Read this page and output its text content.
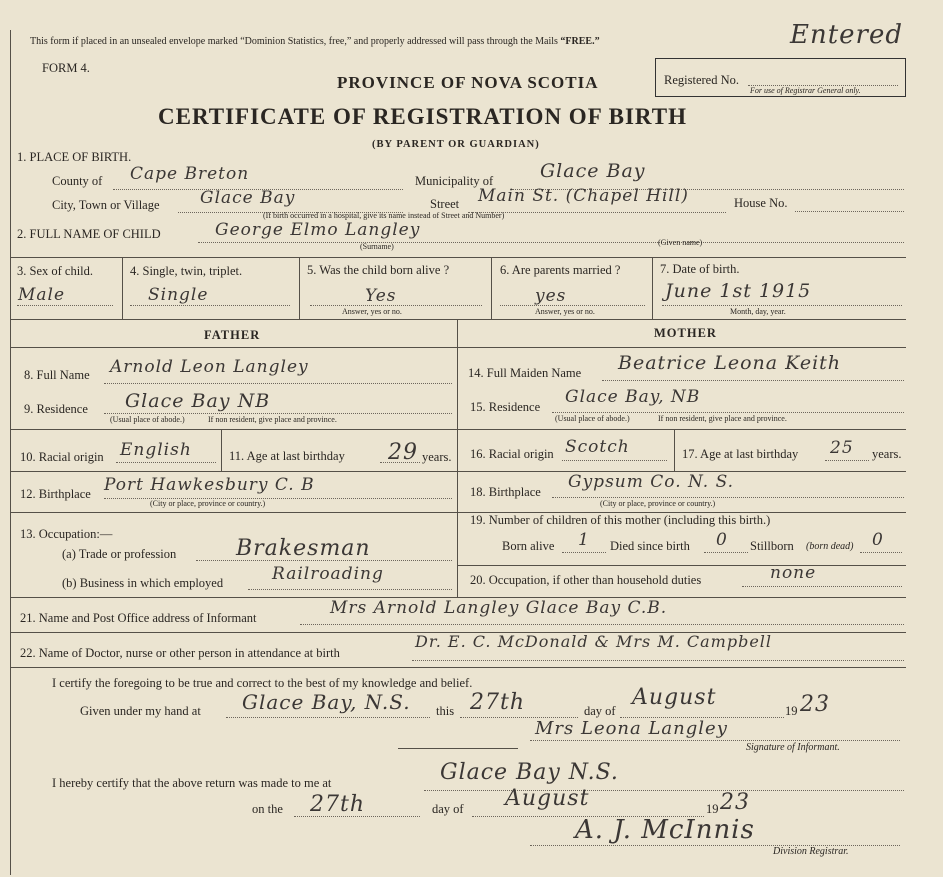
This form if placed in an unsealed envelope marked “Dominion Statistics, free,” and properly addressed will pass through the Mails “FREE.”	Entered
FORM 4.
PROVINCE OF NOVA SCOTIA	Registered No.
For use of Registrar General only.
CERTIFICATE OF REGISTRATION OF BIRTH
(BY PARENT OR GUARDIAN)
1. PLACE OF BIRTH.
County of Cape Breton	Municipality of Glace Bay
City, Town or Village Glace Bay	Street Main St. (Chapel Hill)	House No.
(If birth occurred in a hospital, give its name instead of Street and Number)
2. FULL NAME OF CHILD	George Elmo Langley
(Surname)	(Given name)
3. Sex of child.
Male
4. Single, twin, triplet.
Single
5. Was the child born alive ?
Yes
Answer, yes or no.
6. Are parents married ?
yes
Answer, yes or no.
7. Date of birth.
June 1st 1915
Month, day, year.
FATHER	MOTHER
8. Full Name Arnold Leon Langley
9. Residence Glace Bay NB
(Usual place of abode.)	If non resident, give place and province.
10. Racial origin English	11. Age at last birthday 29 years.
12. Birthplace Port Hawkesbury C. B
(City or place, province or country.)
13. Occupation:—
(a) Trade or profession	Brakesman
(b) Business in which employed	Railroading
14. Full Maiden Name Beatrice Leona Keith
15. Residence Glace Bay, NB
(Usual place of abode.)	If non resident, give place and province.
16. Racial origin Scotch	17. Age at last birthday 25 years.
18. Birthplace Gypsum Co. N. S.
(City or place, province or country.)
19. Number of children of this mother (including this birth.)
Born alive 1 Died since birth 0 Stillborn (born dead) 0
20. Occupation, if other than household duties	none
21. Name and Post Office address of Informant	Mrs Arnold Langley Glace Bay C.B.
22. Name of Doctor, nurse or other person in attendance at birth
Dr. E. C. McDonald & Mrs M. Campbell
I certify the foregoing to be true and correct to the best of my knowledge and belief.
Given under my hand at Glace Bay, N.S. this 27th	day of
August
19 23
Mrs Leona Langley
Signature of Informant.
I hereby certify that the above return was made to me at	Glace Bay N.S.
on the 27th	day of August	19 23
A. J. McInnis
Division Registrar.
